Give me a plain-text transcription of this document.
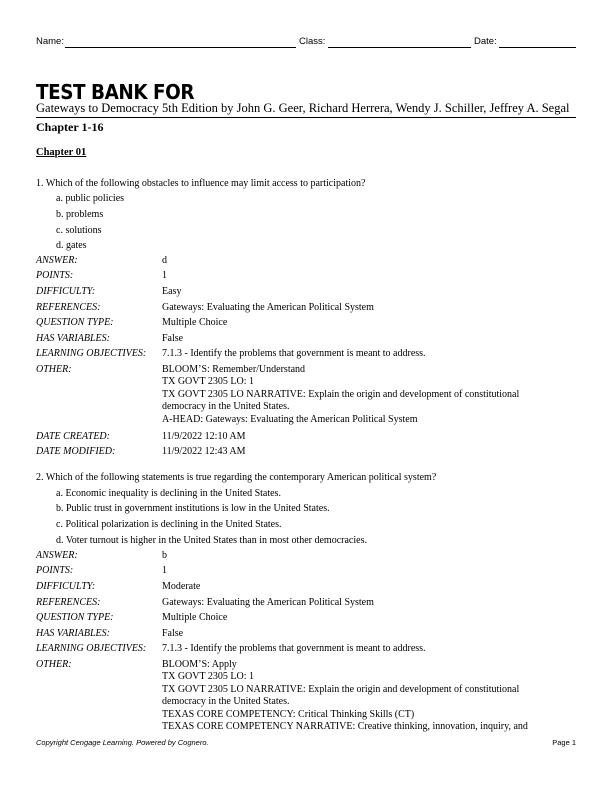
Name:	Class:	Date:
TEST BANK FOR
Gateways to Democracy 5th Edition by John G. Geer, Richard Herrera, Wendy J. Schiller, Jeffrey A. Segal
Chapter 1-16
Chapter 01
1. Which of the following obstacles to influence may limit access to participation?
a. public policies
b. problems
c. solutions
d. gates
ANSWER:	d
POINTS:	1
DIFFICULTY:	Easy
REFERENCES:	Gateways: Evaluating the American Political System
QUESTION TYPE:	Multiple Choice
HAS VARIABLES:	False
LEARNING OBJECTIVES: 7.1.3 - Identify the problems that government is meant to address.
OTHER:	BLOOM’S: Remember/Understand
TX GOVT 2305 LO: 1
TX GOVT 2305 LO NARRATIVE: Explain the origin and development of constitutional
democracy in the United States.
A-HEAD: Gateways: Evaluating the American Political System
DATE CREATED:	11/9/2022 12:10 AM
DATE MODIFIED:	11/9/2022 12:43 AM
2. Which of the following statements is true regarding the contemporary American political system?
a. Economic inequality is declining in the United States.
b. Public trust in government institutions is low in the United States.
c. Political polarization is declining in the United States.
d. Voter turnout is higher in the United States than in most other democracies.
ANSWER:	b
POINTS:	1
DIFFICULTY:	Moderate
REFERENCES:	Gateways: Evaluating the American Political System
QUESTION TYPE:	Multiple Choice
HAS VARIABLES:	False
LEARNING OBJECTIVES: 7.1.3 - Identify the problems that government is meant to address.
OTHER:	BLOOM’S: Apply
TX GOVT 2305 LO: 1
TX GOVT 2305 LO NARRATIVE: Explain the origin and development of constitutional
democracy in the United States.
TEXAS CORE COMPETENCY: Critical Thinking Skills (CT)
TEXAS CORE COMPETENCY NARRATIVE: Creative thinking, innovation, inquiry, and
Copyright Cengage Learning. Powered by Cognero.	Page 1
